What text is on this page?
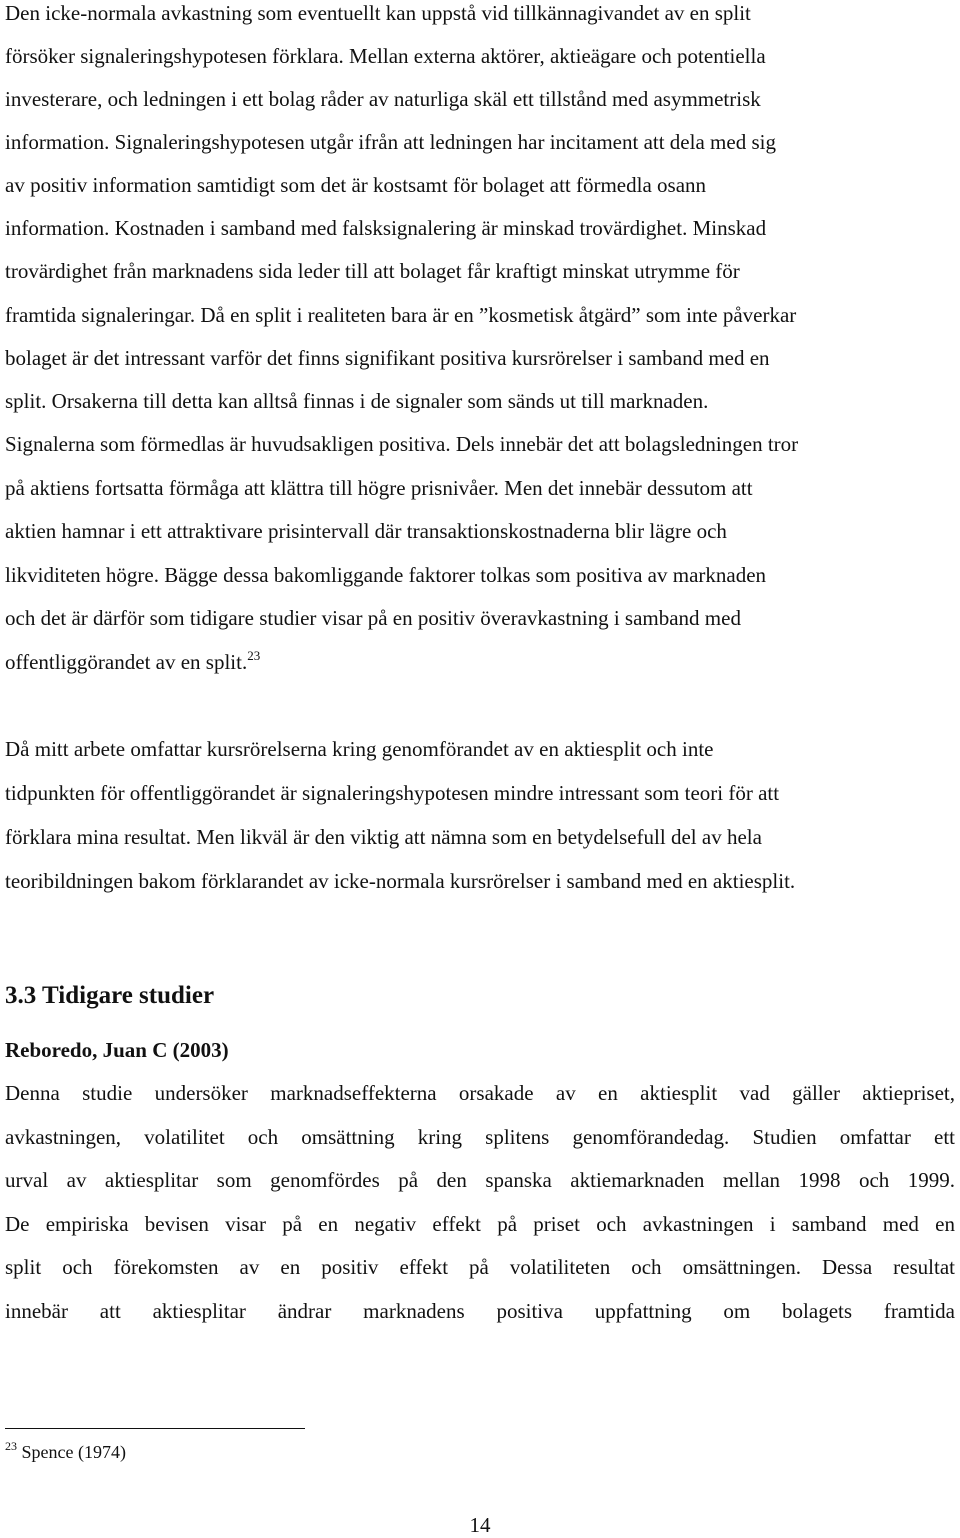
Den icke-normala avkastning som eventuellt kan uppstå vid tillkännagivandet av en split
försöker signaleringshypotesen förklara. Mellan externa aktörer, aktieägare och potentiella
investerare, och ledningen i ett bolag råder av naturliga skäl ett tillstånd med asymmetrisk
information. Signaleringshypotesen utgår ifrån att ledningen har incitament att dela med sig
av positiv information samtidigt som det är kostsamt för bolaget att förmedla osann
information. Kostnaden i samband med falsksignalering är minskad trovärdighet. Minskad
trovärdighet från marknadens sida leder till att bolaget får kraftigt minskat utrymme för
framtida signaleringar. Då en split i realiteten bara är en ”kosmetisk åtgärd” som inte påverkar
bolaget är det intressant varför det finns signifikant positiva kursrörelser i samband med en
split. Orsakerna till detta kan alltså finnas i de signaler som sänds ut till marknaden.
Signalerna som förmedlas är huvudsakligen positiva. Dels innebär det att bolagsledningen tror
på aktiens fortsatta förmåga att klättra till högre prisnivåer. Men det innebär dessutom att
aktien hamnar i ett attraktivare prisintervall där transaktionskostnaderna blir lägre och
likviditeten högre. Bägge dessa bakomliggande faktorer tolkas som positiva av marknaden
och det är därför som tidigare studier visar på en positiv överavkastning i samband med
offentliggörandet av en split.$^{23}$
Då mitt arbete omfattar kursrörelserna kring genomförandet av en aktiesplit och inte
tidpunkten för offentliggörandet är signaleringshypotesen mindre intressant som teori för att
förklara mina resultat. Men likväl är den viktig att nämna som en betydelsefull del av hela
teoribildningen bakom förklarandet av icke-normala kursrörelser i samband med en aktiesplit.
3.3 Tidigare studier
Reboredo, Juan C (2003)
Denna studie undersöker marknadseffekterna orsakade av en aktiesplit vad gäller aktiepriset,
avkastningen, volatilitet och omsättning kring splitens genomförandedag. Studien omfattar ett
urval av aktiesplitar som genomfördes på den spanska aktiemarknaden mellan 1998 och 1999.
De empiriska bevisen visar på en negativ effekt på priset och avkastningen i samband med en
split och förekomsten av en positiv effekt på volatiliteten och omsättningen. Dessa resultat
innebär att aktiesplitar ändrar marknadens positiva uppfattning om bolagets framtida
$^{23}$ Spence (1974)
14
